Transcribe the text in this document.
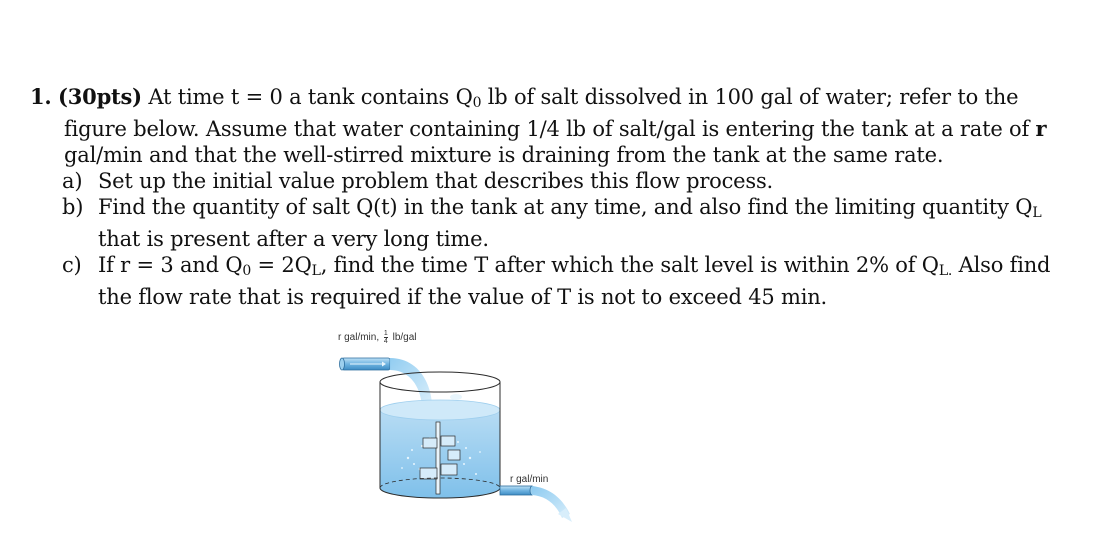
1. (30pts) At time t = 0 a tank contains $Q_0$ lb of salt dissolved in 100 gal of water; refer to the
figure below. Assume that water containing 1/4 lb of salt/gal is entering the tank at a rate of r
gal/min and that the well-stirred mixture is draining from the tank at the same rate.
a) Set up the initial value problem that describes this flow process.
b) Find the quantity of salt Q(t) in the tank at any time, and also find the limiting quantity $Q_L$
that is present after a very long time.
c) If r = 3 and $Q_0 = 2Q_L$, find the time T after which the salt level is within 2% of $Q_{L.}$ Also find
the flow rate that is required if the value of T is not to exceed 45 min.
r gal/min, $\frac{1}{4} lb/gal$
r gal/min
